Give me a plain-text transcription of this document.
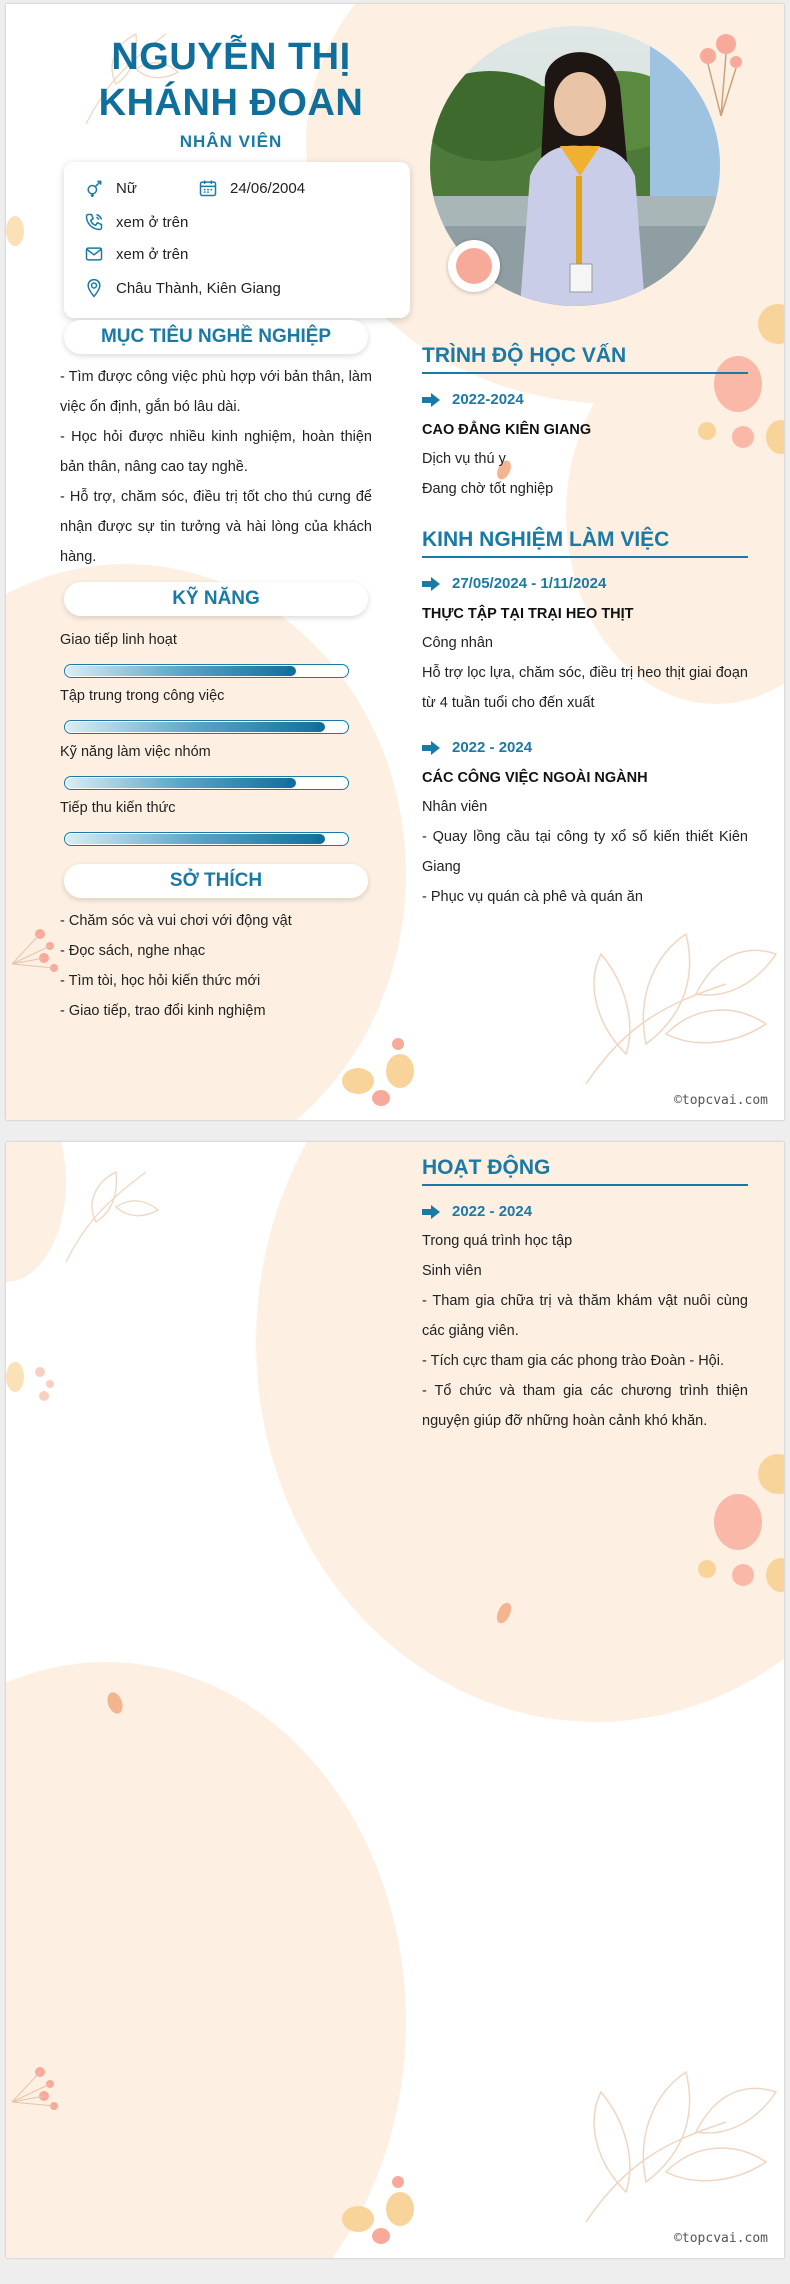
NGUYỄN THỊ KHÁNH ĐOAN
NHÂN VIÊN
Nữ	24/06/2004
xem ở trên
xem ở trên
Châu Thành, Kiên Giang
MỤC TIÊU NGHỀ NGHIỆP
- Tìm được công việc phù hợp với bản thân, làm việc ổn định, gắn bó lâu dài.
- Học hỏi được nhiều kinh nghiệm, hoàn thiện bản thân, nâng cao tay nghề.
- Hỗ trợ, chăm sóc, điều trị tốt cho thú cưng để nhận được sự tin tưởng và hài lòng của khách hàng.
KỸ NĂNG
Giao tiếp linh hoạt
Tập trung trong công việc
Kỹ năng làm việc nhóm
Tiếp thu kiến thức
SỞ THÍCH
- Chăm sóc và vui chơi với động vật
- Đọc sách, nghe nhạc
- Tìm tòi, học hỏi kiến thức mới
- Giao tiếp, trao đổi kinh nghiệm
TRÌNH ĐỘ HỌC VẤN
2022-2024
CAO ĐẲNG KIÊN GIANG
Dịch vụ thú y
Đang chờ tốt nghiệp
KINH NGHIỆM LÀM VIỆC
27/05/2024 - 1/11/2024
THỰC TẬP TẠI TRẠI HEO THỊT
Công nhân
Hỗ trợ lọc lựa, chăm sóc, điều trị heo thịt giai đoạn từ 4 tuần tuổi cho đến xuất
2022 - 2024
CÁC CÔNG VIỆC NGOÀI NGÀNH
Nhân viên
- Quay lồng cầu tại công ty xổ số kiến thiết Kiên Giang
- Phục vụ quán cà phê và quán ăn
©topcvai.com
HOẠT ĐỘNG
2022 - 2024
Trong quá trình học tập
Sinh viên
- Tham gia chữa trị và thăm khám vật nuôi cùng các giảng viên.
- Tích cực tham gia các phong trào Đoàn - Hội.
- Tổ chức và tham gia các chương trình thiện nguyện giúp đỡ những hoàn cảnh khó khăn.
©topcvai.com
